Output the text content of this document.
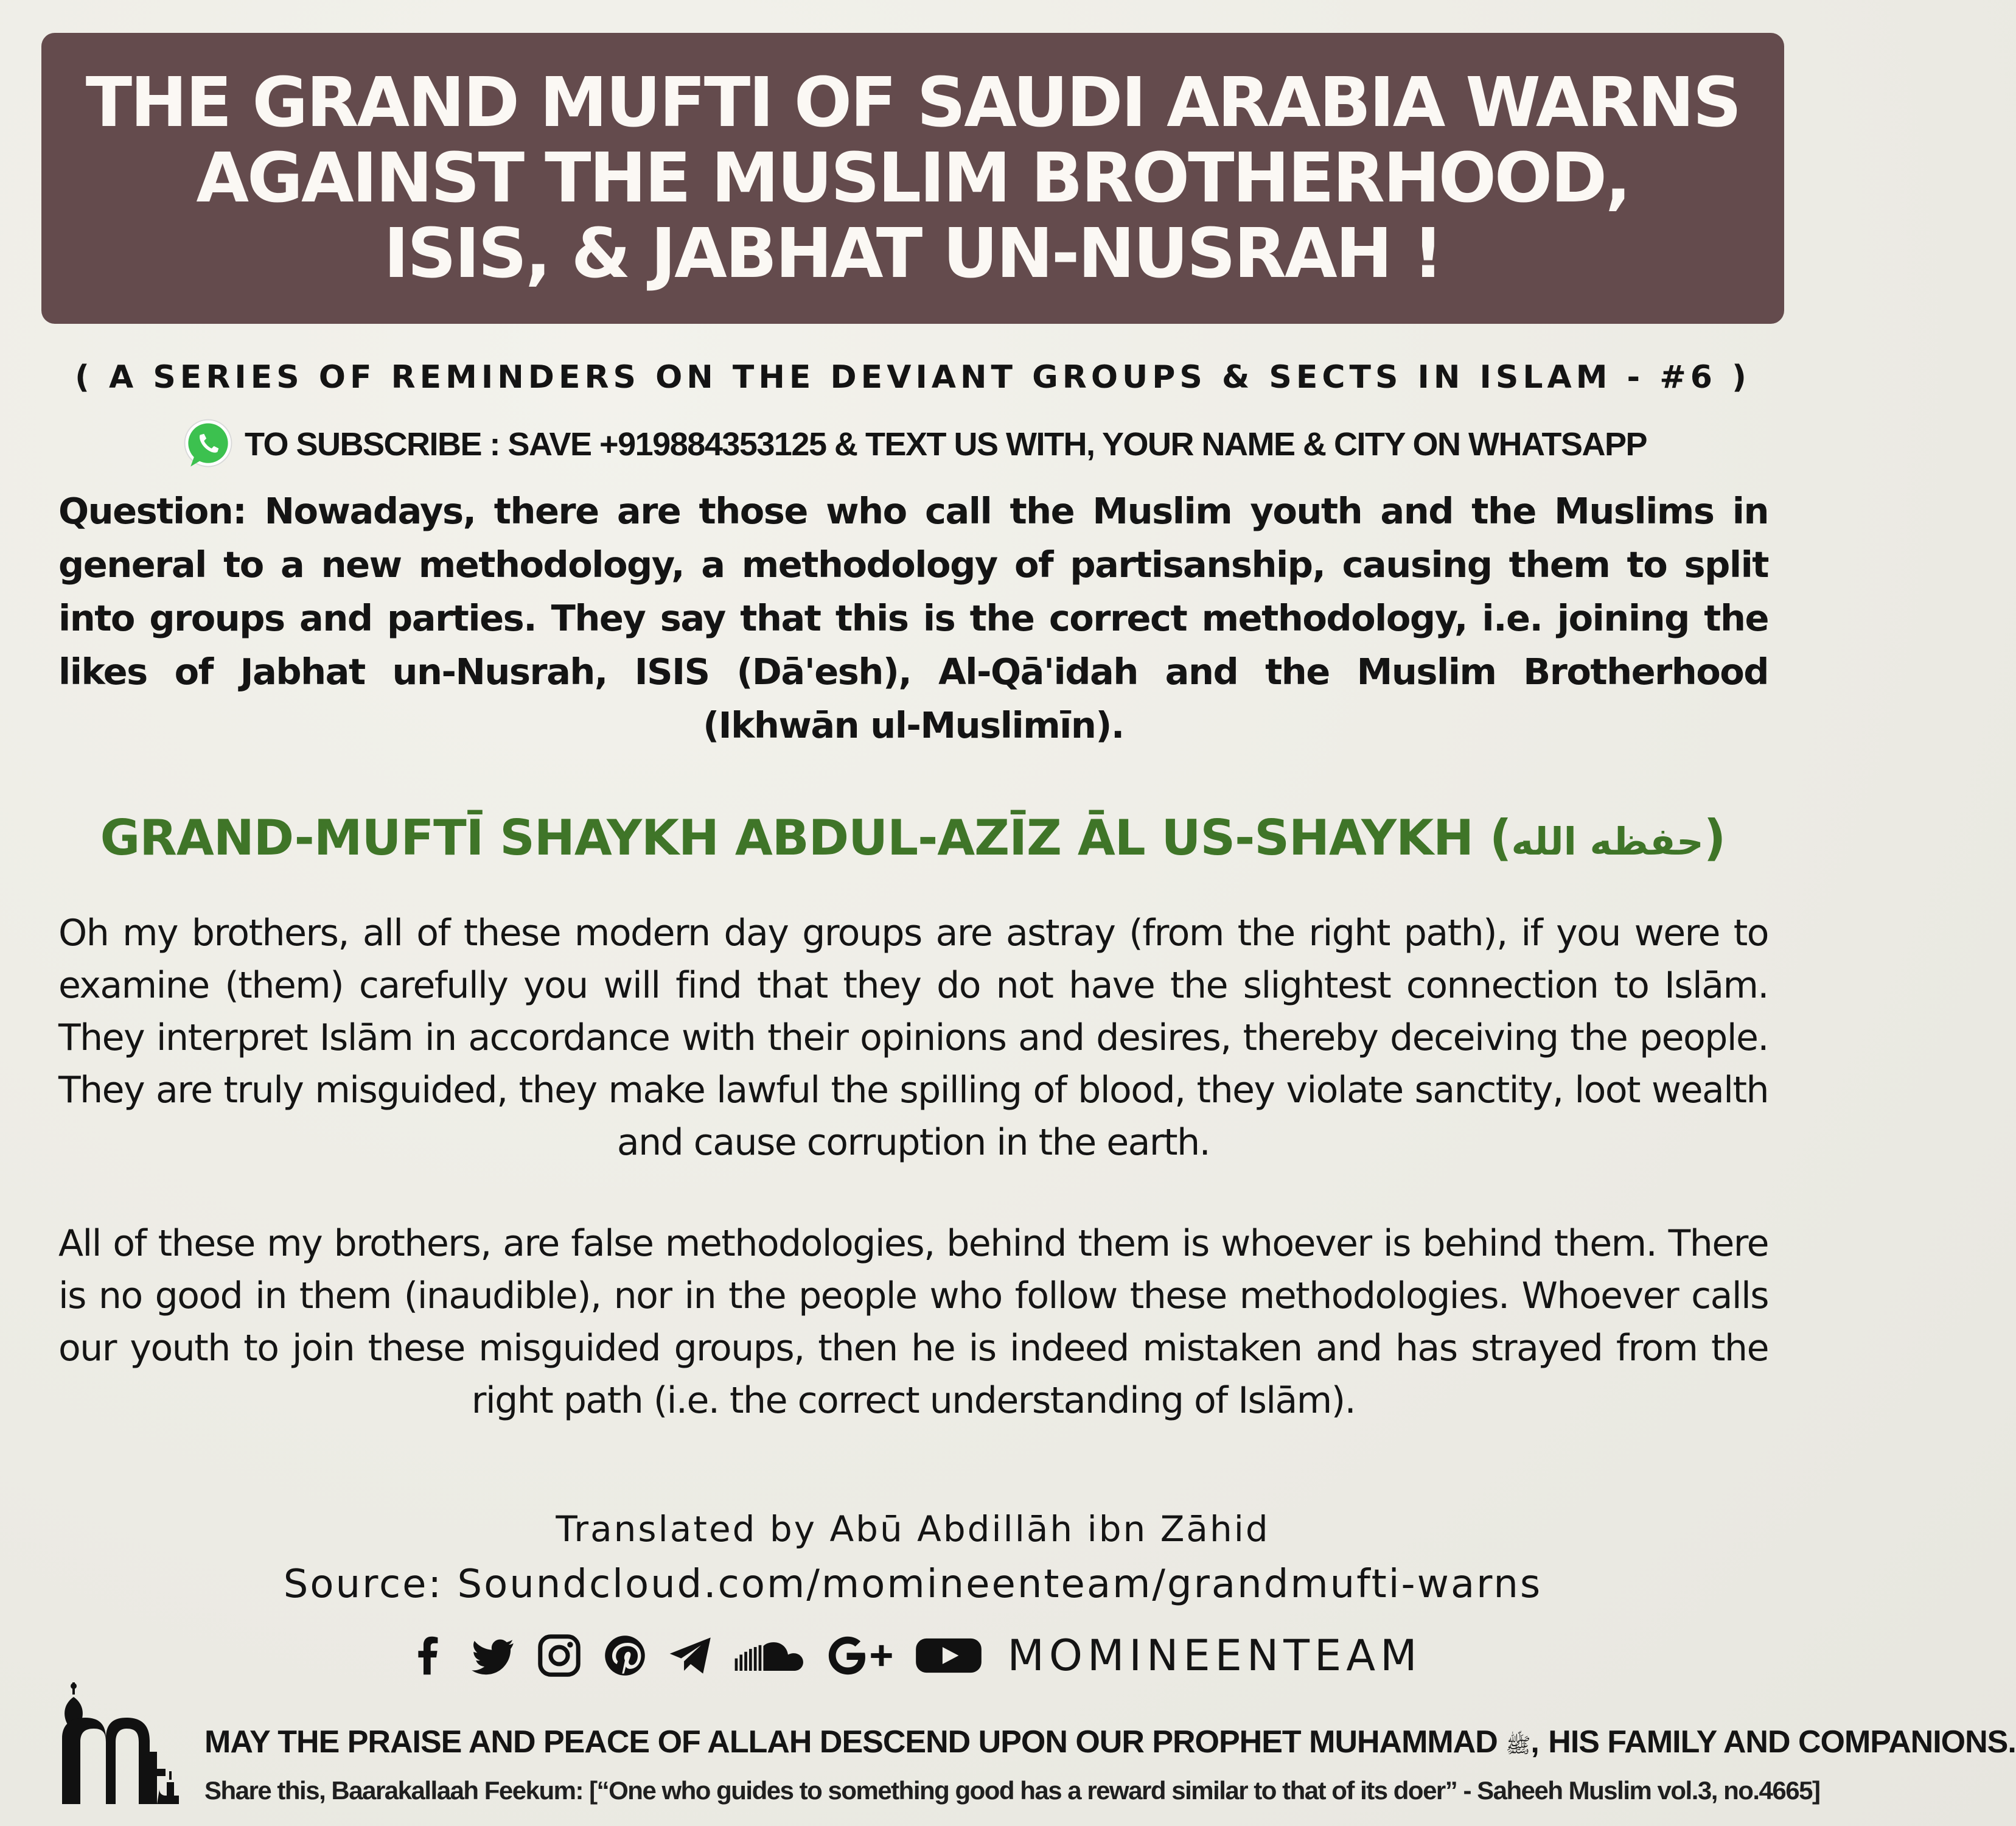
THE GRAND MUFTI OF SAUDI ARABIA WARNS
AGAINST THE MUSLIM BROTHERHOOD,
ISIS, & JABHAT UN-NUSRAH !
( A SERIES OF REMINDERS ON THE DEVIANT GROUPS & SECTS IN ISLAM - #6 )
TO SUBSCRIBE : SAVE +919884353125 & TEXT US WITH, YOUR NAME & CITY ON WHATSAPP
Question: Nowadays, there are those who call the Muslim youth and the Muslims in general to a new methodology, a methodology of partisanship, causing them to split into groups and parties. They say that this is the correct methodology, i.e. joining the likes of Jabhat un-Nusrah, ISIS (Dā'esh), Al-Qā'idah and the Muslim Brotherhood (Ikhwān ul-Muslimīn).
GRAND-MUFTĪ SHAYKH ABDUL-AZĪZ ĀL US-SHAYKH (حفظه الله)
Oh my brothers, all of these modern day groups are astray (from the right path), if you were to examine (them) carefully you will find that they do not have the slightest connection to Islām. They interpret Islām in accordance with their opinions and desires, thereby deceiving the people. They are truly misguided, they make lawful the spilling of blood, they violate sanctity, loot wealth and cause corruption in the earth.
All of these my brothers, are false methodologies, behind them is whoever is behind them. There is no good in them (inaudible), nor in the people who follow these methodologies. Whoever calls our youth to join these misguided groups, then he is indeed mistaken and has strayed from the right path (i.e. the correct understanding of Islām).
Translated by Abū Abdillāh ibn Zāhid
Source: Soundcloud.com/momineenteam/grandmufti-warns
MOMINEENTEAM
MAY THE PRAISE AND PEACE OF ALLAH DESCEND UPON OUR PROPHET MUHAMMAD ﷺ, HIS FAMILY AND COMPANIONS.
Share this, Baarakallaah Feekum: [“One who guides to something good has a reward similar to that of its doer” - Saheeh Muslim vol.3, no.4665]
